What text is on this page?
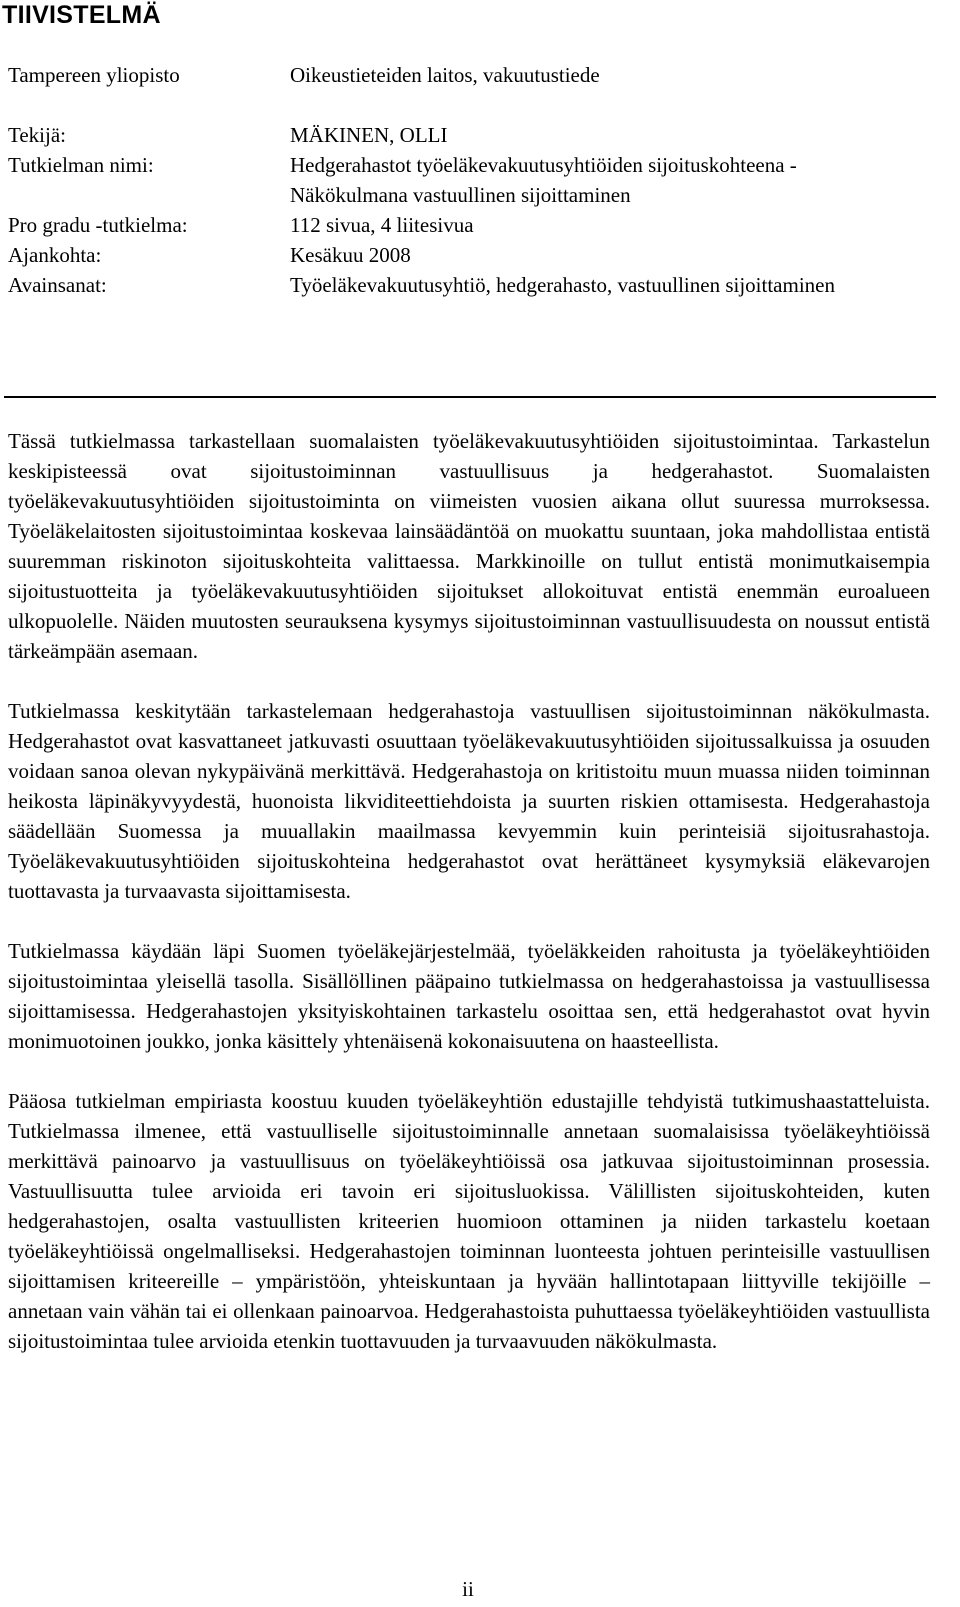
TIIVISTELMÄ
Tampereen yliopisto	Oikeustieteiden laitos, vakuutustiede
Tekijä:	MÄKINEN, OLLI
Tutkielman nimi:	Hedgerahastot työeläkevakuutusyhtiöiden sijoituskohteena - Näkökulmana vastuullinen sijoittaminen
Pro gradu -tutkielma:	112 sivua, 4 liitesivua
Ajankohta:	Kesäkuu 2008
Avainsanat:	Työeläkevakuutusyhtiö, hedgerahasto, vastuullinen sijoittaminen

Tässä tutkielmassa tarkastellaan suomalaisten työeläkevakuutusyhtiöiden sijoitustoimintaa. Tarkastelun keskipisteessä ovat sijoitustoiminnan vastuullisuus ja hedgerahastot. Suomalaisten työeläkevakuutusyhtiöiden sijoitustoiminta on viimeisten vuosien aikana ollut suuressa murroksessa. Työeläkelaitosten sijoitustoimintaa koskevaa lainsäädäntöä on muokattu suuntaan, joka mahdollistaa entistä suuremman riskinoton sijoituskohteita valittaessa. Markkinoille on tullut entistä monimutkaisempia sijoitustuotteita ja työeläkevakuutusyhtiöiden sijoitukset allokoituvat entistä enemmän euroalueen ulkopuolelle. Näiden muutosten seurauksena kysymys sijoitustoiminnan vastuullisuudesta on noussut entistä tärkeämpään asemaan.

Tutkielmassa keskitytään tarkastelemaan hedgerahastoja vastuullisen sijoitustoiminnan näkökulmasta. Hedgerahastot ovat kasvattaneet jatkuvasti osuuttaan työeläkevakuutusyhtiöiden sijoitussalkuissa ja osuuden voidaan sanoa olevan nykypäivänä merkittävä. Hedgerahastoja on kritistoitu muun muassa niiden toiminnan heikosta läpinäkyvyydestä, huonoista likviditeettiehdoista ja suurten riskien ottamisesta. Hedgerahastoja säädellään Suomessa ja muuallakin maailmassa kevyemmin kuin perinteisiä sijoitusrahastoja. Työeläkevakuutusyhtiöiden sijoituskohteina hedgerahastot ovat herättäneet kysymyksiä eläkevarojen tuottavasta ja turvaavasta sijoittamisesta.

Tutkielmassa käydään läpi Suomen työeläkejärjestelmää, työeläkkeiden rahoitusta ja työeläkeyhtiöiden sijoitustoimintaa yleisellä tasolla. Sisällöllinen pääpaino tutkielmassa on hedgerahastoissa ja vastuullisessa sijoittamisessa. Hedgerahastojen yksityiskohtainen tarkastelu osoittaa sen, että hedgerahastot ovat hyvin monimuotoinen joukko, jonka käsittely yhtenäisenä kokonaisuutena on haasteellista.

Pääosa tutkielman empiriasta koostuu kuuden työeläkeyhtiön edustajille tehdyistä tutkimushaastatteluista. Tutkielmassa ilmenee, että vastuulliselle sijoitustoiminnalle annetaan suomalaisissa työeläkeyhtiöissä merkittävä painoarvo ja vastuullisuus on työeläkeyhtiöissä osa jatkuvaa sijoitustoiminnan prosessia. Vastuullisuutta tulee arvioida eri tavoin eri sijoitusluokissa. Välillisten sijoituskohteiden, kuten hedgerahastojen, osalta vastuullisten kriteerien huomioon ottaminen ja niiden tarkastelu koetaan työeläkeyhtiöissä ongelmalliseksi. Hedgerahastojen toiminnan luonteesta johtuen perinteisille vastuullisen sijoittamisen kriteereille – ympäristöön, yhteiskuntaan ja hyvään hallintotapaan liittyville tekijöille – annetaan vain vähän tai ei ollenkaan painoarvoa. Hedgerahastoista puhuttaessa työeläkeyhtiöiden vastuullista sijoitustoimintaa tulee arvioida etenkin tuottavuuden ja turvaavuuden näkökulmasta.

ii
